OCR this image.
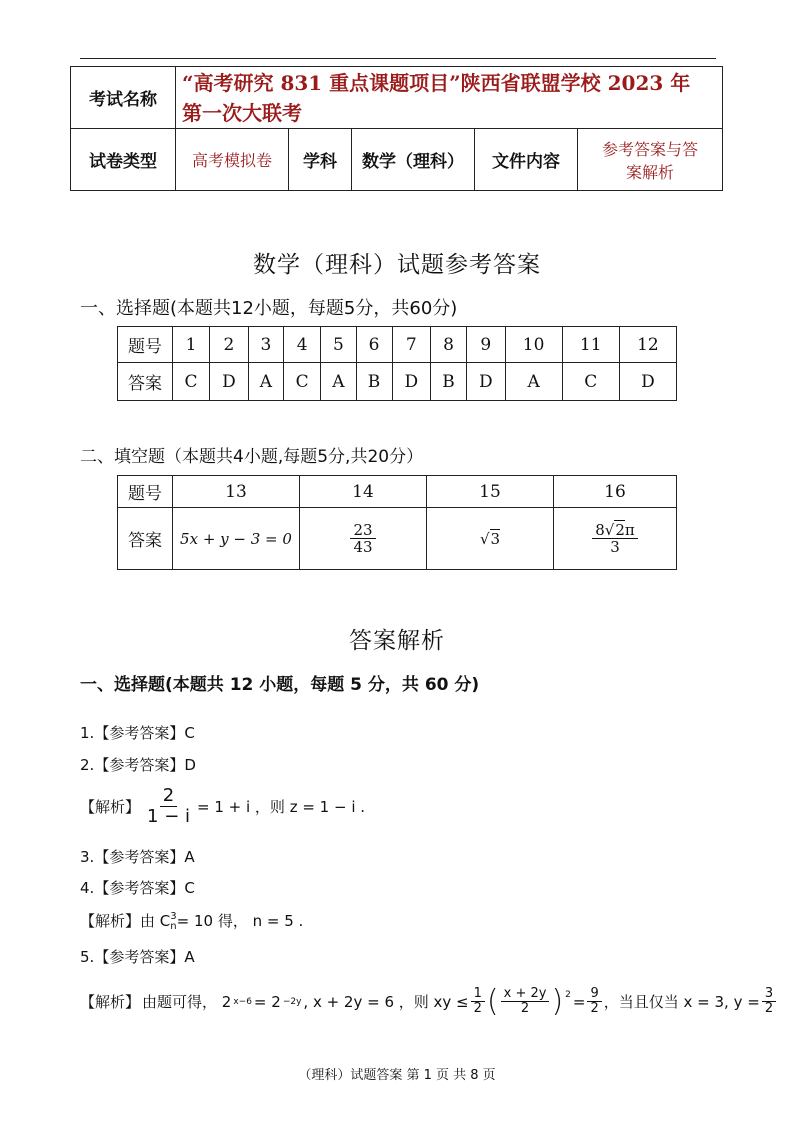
考试名称	“高考研究 831 重点课题项目”陕西省联盟学校 2023 年
第一次大联考				

试卷类型	高考模拟卷	学科	数学（理科）	文件内容	参考答案与答
案解析
数学（理科）试题参考答案
一、选择题(本题共12小题，每题5分，共60分)
题号	1	2	3	4	5	6	7	8	9	10	11	12
答案	C	D	A	C	A	B	D	B	D	A	C	D
二、填空题（本题共4小题,每题5分,共20分）
题号	13	14	15	16
答案	5x + y − 3 = 0	$\frac{23}{43}$	√3	$\frac{8√2\pi}{3}$
答案解析
一、选择题(本题共 12 小题，每题 5 分，共 60 分)
1.【参考答案】C
2.【参考答案】D
【解析】 $\frac{2}{1 - i} = 1 + i$ ，则 z = 1 − i .
3.【参考答案】A
4.【参考答案】C
【解析】由 C 3
n = 10 得， n = 5 .
5.【参考答案】A
【解析】 由题可得， 2 x−6 = 2 −2y , x + 2y = 6 ，则 xy ≤ $\frac{1}{2}$ ( $\frac{x + 2y}{2} )^2 = \frac{9}{2}$ ，当且仅当 x = 3, $y = \frac{3}{2}$
（理科）试题答案 第 1 页 共 8 页
